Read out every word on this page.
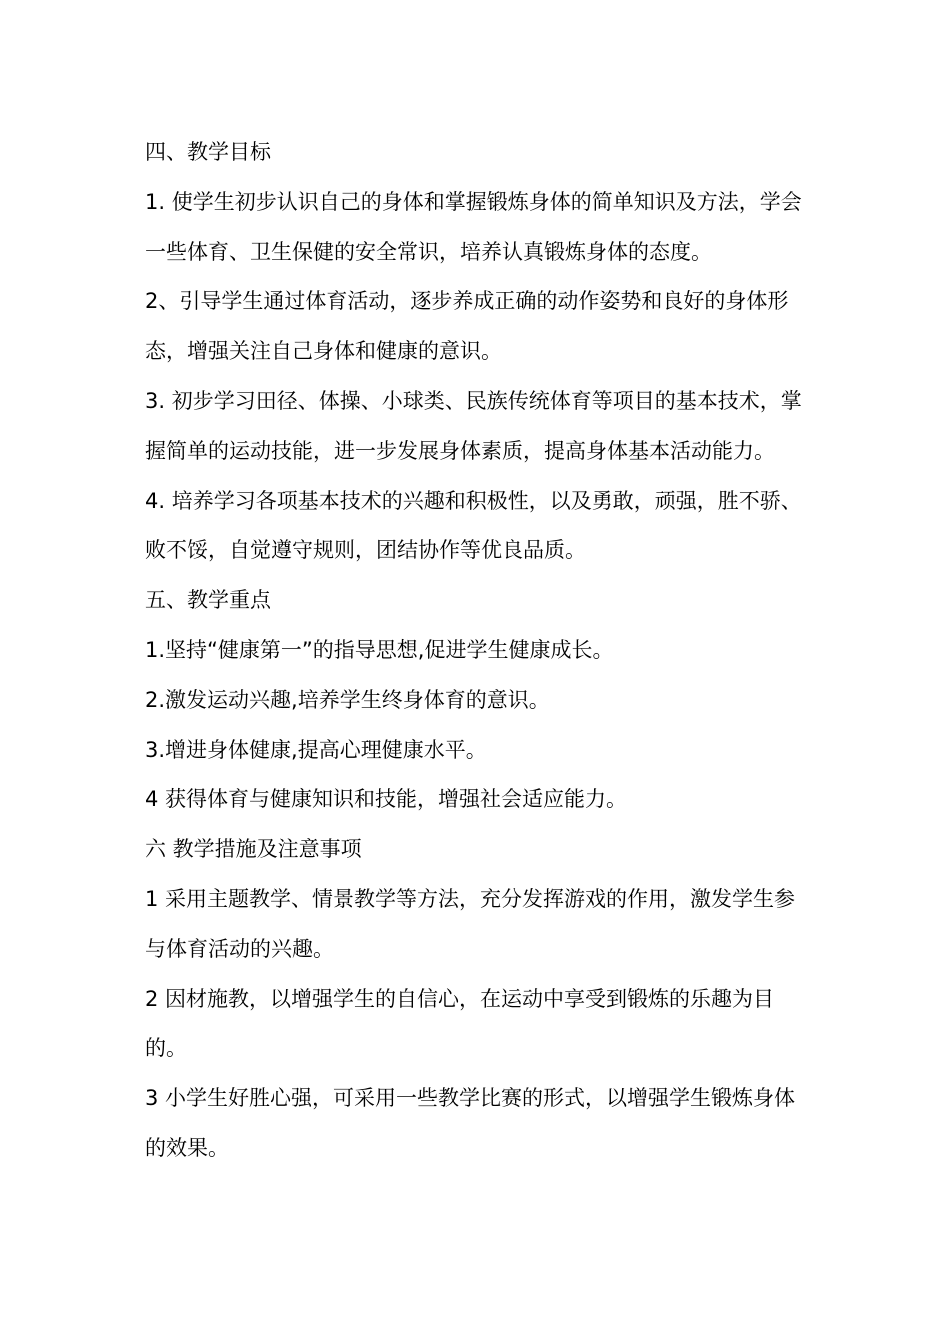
四、教学目标

1. 使学生初步认识自己的身体和掌握锻炼身体的简单知识及方法，学会一些体育、卫生保健的安全常识，培养认真锻炼身体的态度。

2、引导学生通过体育活动，逐步养成正确的动作姿势和良好的身体形态，增强关注自己身体和健康的意识。

3. 初步学习田径、体操、小球类、民族传统体育等项目的基本技术，掌握简单的运动技能，进一步发展身体素质，提高身体基本活动能力。

4. 培养学习各项基本技术的兴趣和积极性，以及勇敢，顽强，胜不骄、败不馁，自觉遵守规则，团结协作等优良品质。

五、教学重点

1.坚持“健康第一”的指导思想,促进学生健康成长。

2.激发运动兴趣,培养学生终身体育的意识。

3.增进身体健康,提高心理健康水平。

4 获得体育与健康知识和技能，增强社会适应能力。

六 教学措施及注意事项

1 采用主题教学、情景教学等方法，充分发挥游戏的作用，激发学生参与体育活动的兴趣。

2 因材施教，以增强学生的自信心，在运动中享受到锻炼的乐趣为目的。

3 小学生好胜心强，可采用一些教学比赛的形式，以增强学生锻炼身体的效果。
